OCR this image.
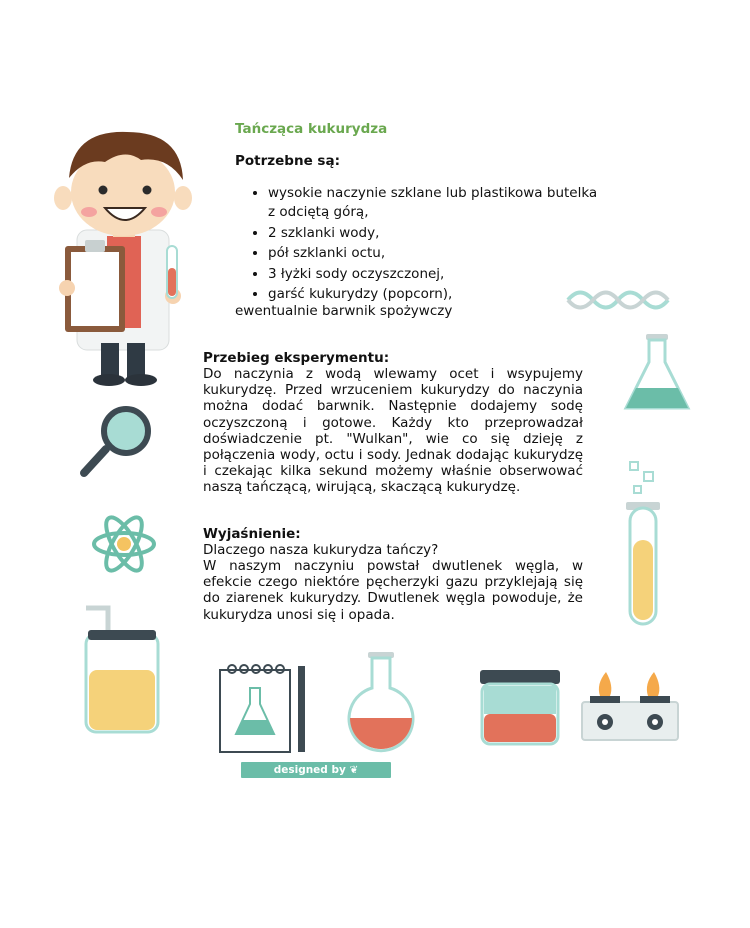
Tańcząca kukurydza
Potrzebne są:
• wysokie naczynie szklane lub plastikowa butelka z odciętą górą,
• 2 szklanki wody,
• pół szklanki octu,
• 3 łyżki sody oczyszczonej,
• garść kukurydzy (popcorn),
ewentualnie barwnik spożywczy
Przebieg eksperymentu:
Do naczynia z wodą wlewamy ocet i wsypujemy kukurydzę. Przed wrzuceniem kukurydzy do naczynia można dodać barwnik. Następnie dodajemy sodę oczyszczoną i gotowe. Każdy kto przeprowadzał doświadczenie pt. "Wulkan", wie co się dzieję z połączenia wody, octu i sody. Jednak dodając kukurydzę i czekając kilka sekund możemy właśnie obserwować naszą tańczącą, wirującą, skaczącą kukurydzę.
Wyjaśnienie:
Dlaczego nasza kukurydza tańczy?
W naszym naczyniu powstał dwutlenek węgla, w efekcie czego niektóre pęcherzyki gazu przyklejają się do ziarenek kukurydzy. Dwutlenek węgla powoduje, że kukurydza unosi się i opada.
designed by ❦ freepik.com
